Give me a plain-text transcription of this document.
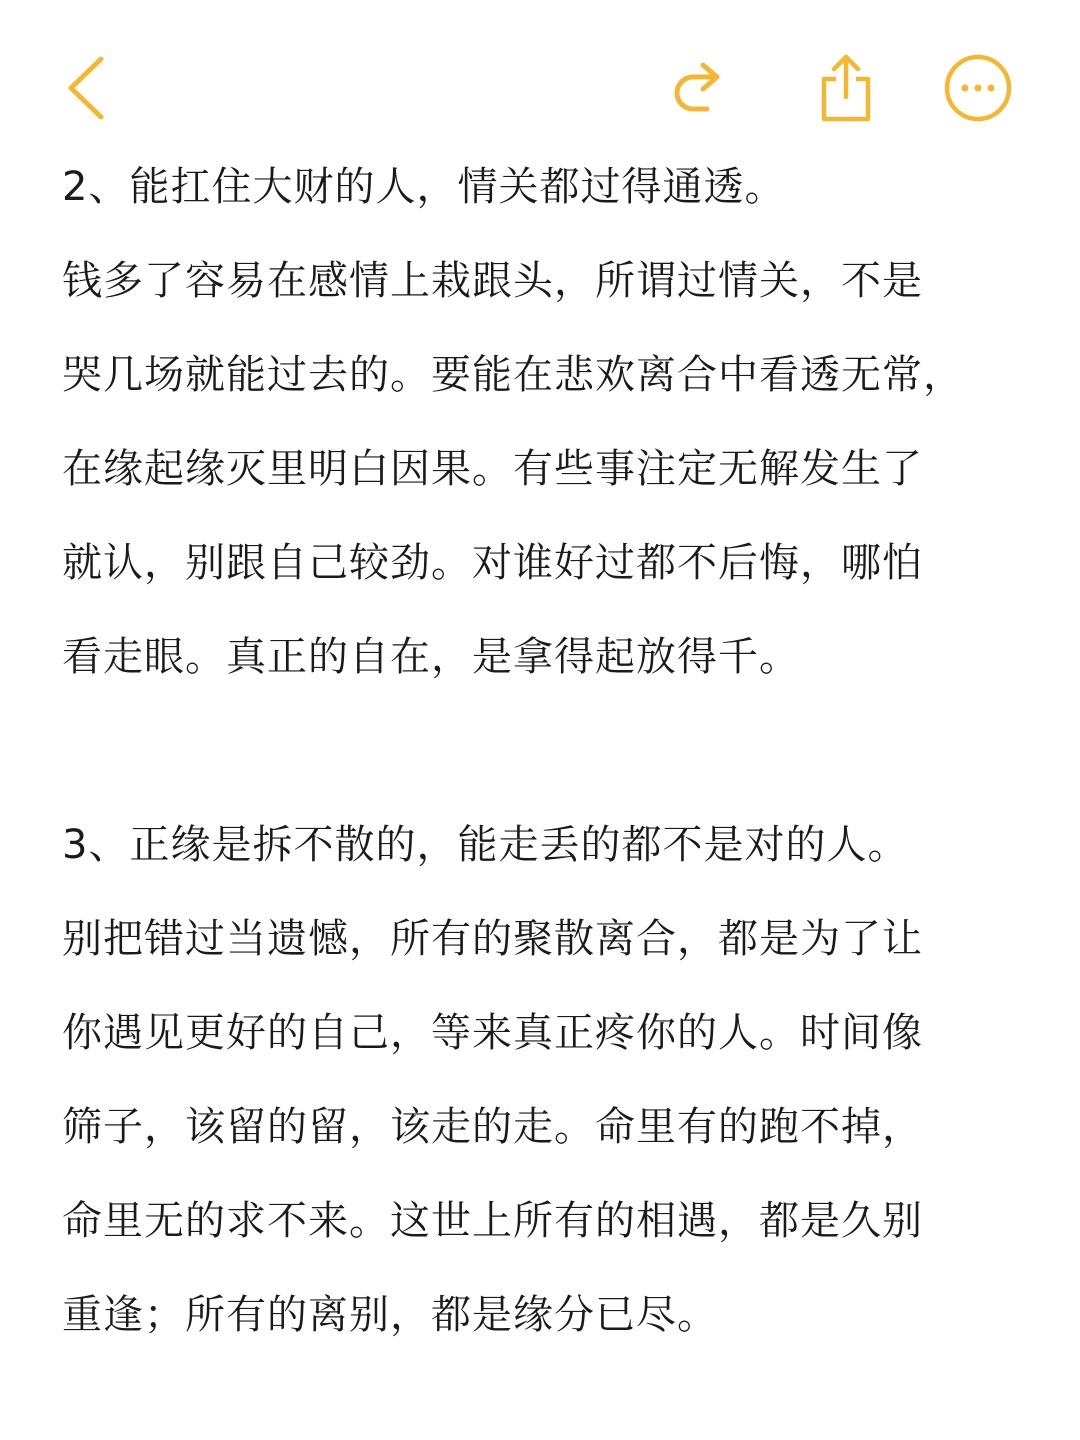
2、能扛住大财的人，情关都过得通透。

钱多了容易在感情上栽跟头，所谓过情关，不是

哭几场就能过去的。要能在悲欢离合中看透无常，

在缘起缘灭里明白因果。有些事注定无解发生了

就认，别跟自己较劲。对谁好过都不后悔，哪怕

看走眼。真正的自在，是拿得起放得千。

3、正缘是拆不散的，能走丢的都不是对的人。

别把错过当遗憾，所有的聚散离合，都是为了让

你遇见更好的自己，等来真正疼你的人。时间像

筛子，该留的留，该走的走。命里有的跑不掉，

命里无的求不来。这世上所有的相遇，都是久别

重逢；所有的离别，都是缘分已尽。
